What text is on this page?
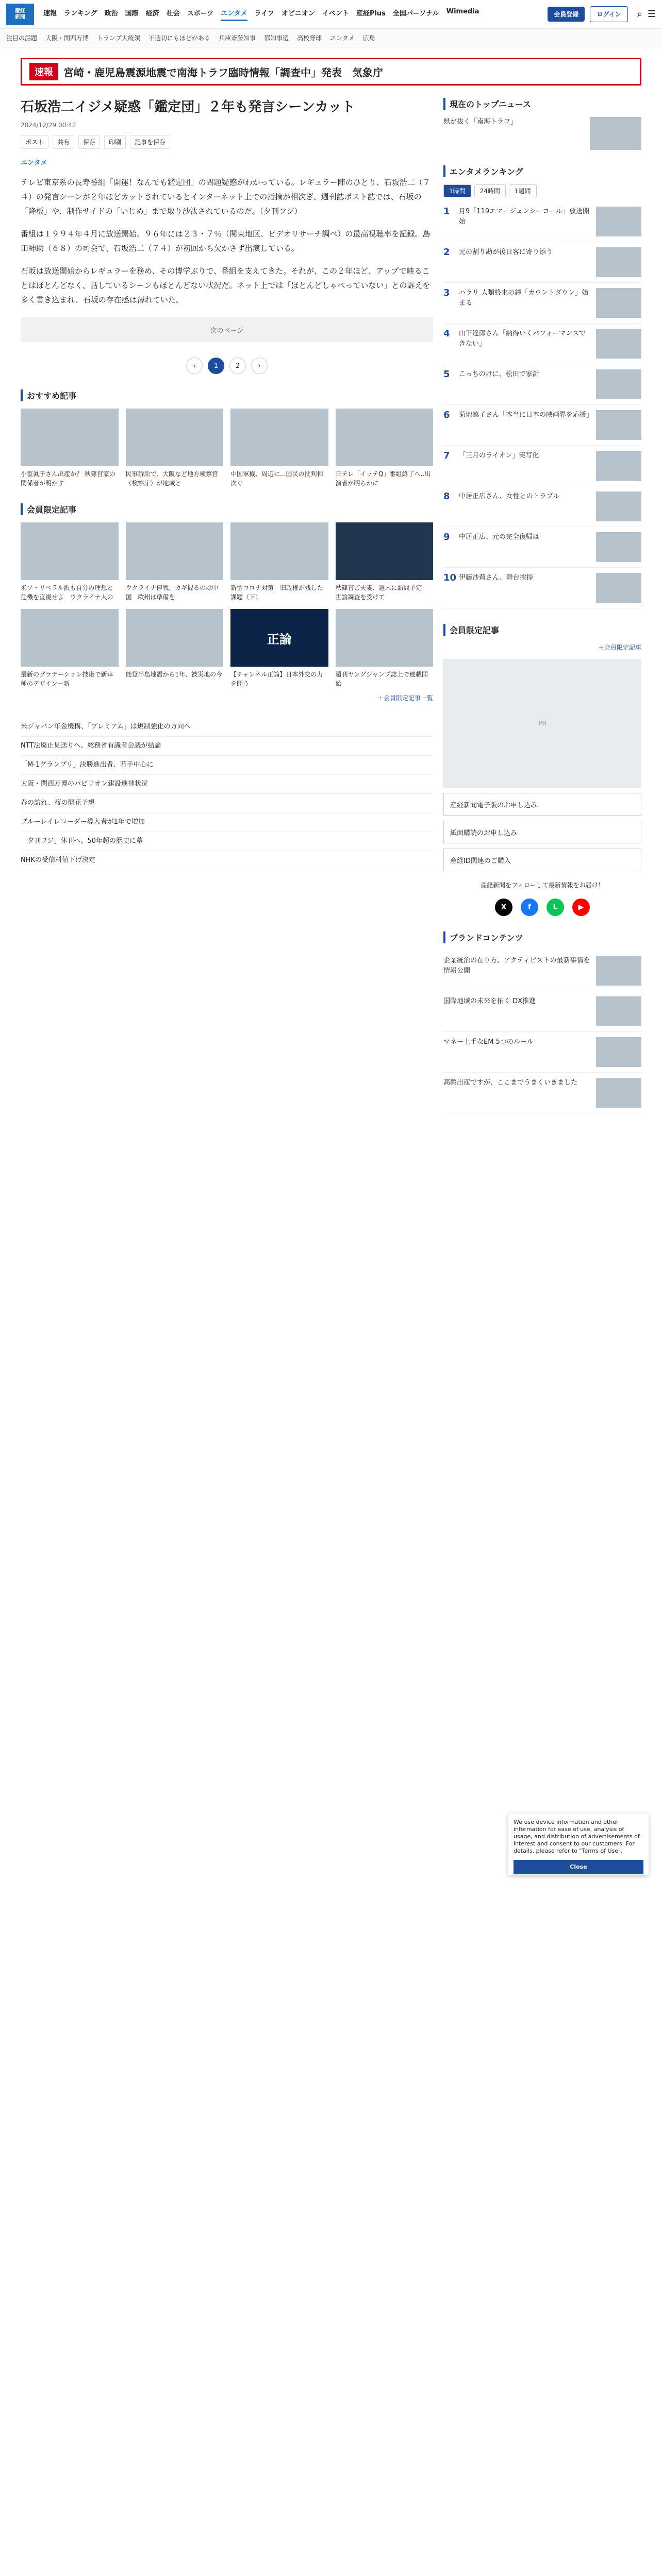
産経
新聞	速報 ランキング 政治 国際 経済 社会 スポーツ エンタメ ライフ オピニオン イベント 産経Plus 全国パーソナル Wimedia	会員登録	ログイン	⌕ ☰
注目の話題 大阪・関西万博 トランプ大統領 不適切にもほどがある 兵庫斎藤知事 都知事選 高校野球 エンタメ 広島
速報	宮崎・鹿児島震源地震で南海トラフ臨時情報「調査中」発表　気象庁
石坂浩二イジメ疑惑「鑑定団」２年も発言シーンカット
2024/12/29 00:42
ポスト	共有	保存	印刷	記事を保存
エンタメ

テレビ東京系の長寿番組「開運！なんでも鑑定団」の問題疑惑がわかっている。レギュラー陣のひとり、石坂浩二（７４）の発言シーンが２年ほどカットされているとインターネット上での指摘が相次ぎ、週刊誌ポスト誌では、石坂の「降板」や、制作サイドの「いじめ」まで取り沙汰されているのだ。（夕刊フジ）

番組は１９９４年４月に放送開始。９６年には２３・７％（関東地区、ビデオリサーチ調べ）の最高視聴率を記録。島田紳助（６８）の司会で、石坂浩二（７４）が初回から欠かさず出演している。

石坂は放送開始からレギュラーを務め、その博学ぶりで、番組を支えてきた。それが、この２年ほど、アップで映ることはほとんどなく、話しているシーンもほとんどない状況だ。ネット上では「ほとんどしゃべっていない」との訴えを多く書き込まれ、石坂の存在感は薄れていた。

次のページ
‹	1	2	›
おすすめ記事
小室眞子さん出産か？ 秋篠宮家の関係者が明かす
民事訴訟で、大阪など地方検察官（検察庁）が地域と
中国軍機、周辺に...国民の批判相次ぐ
日テレ「イッテQ」番組終了へ..出演者が明らかに
会員限定記事
米ソ・リベラル派も自分の理想と危機を直視せよ　ウクライナ人の
ウクライナ停戦、カギ握るのは中国　欧州は準備を
新型コロナ対策　旧政権が残した課題（下）
秋篠宮ご夫妻、週末に訪問予定　世論調査を受けて
最新のグラデーション技術で新車種のデザイン一新
能登半島地震から1年、被災地の今
正論
【チャンネル正論】日本外交の力を問う
週刊ヤングジャンプ誌上で連載開始
＋会員限定記事一覧
米ジャパン年金機構、「プレミアム」は規制強化の方向へ
NTT法廃止見送りへ、総務省有識者会議が結論
「M-1グランプリ」決勝進出者、若手中心に
大阪・関西万博のパビリオン建設進捗状況
春の訪れ、桜の開花予想
ブルーレイレコーダー導入者が1年で増加
「夕刊フジ」休刊へ。50年超の歴史に幕
NHKの受信料値下げ決定
現在のトップニュース
県が抜く「南海トラフ」
エンタメランキング
1時間	24時間	1週間
1	月9「119エマージェンシーコール」放送開始
2	元の割り勘が後日客に寄り添う
3	ハラリ 人類終末の鐘「カウントダウン」始まる
4	山下達郎さん「納得いくパフォーマンスできない」
5	こっちのけに、松田で家計
6	菊地凛子さん「本当に日本の映画界を応援」
7	「三月のライオン」実写化
8	中居正広さん、女性とのトラブル
9	中居正広、元の完全復帰は
10 伊藤沙莉さん、舞台挨拶
会員限定記事
＋会員限定記事
PR
産経新聞電子版のお申し込み
紙面購読のお申し込み
産経ID関連のご購入
産経新聞をフォローして最新情報をお届け！
X	f	L	▶
ブランドコンテンツ
企業統治の在り方、アクティビストの最新事情を情報公開
国際地域の未来を拓く DX推進
マネー上手なEM 5つのルール
高齢出産ですが、ここまでうまくいきました
We use device information and other information for ease of use, analysis of usage, and distribution of advertisements of interest and consent to our customers. For details, please refer to "Terms of Use".
Close
